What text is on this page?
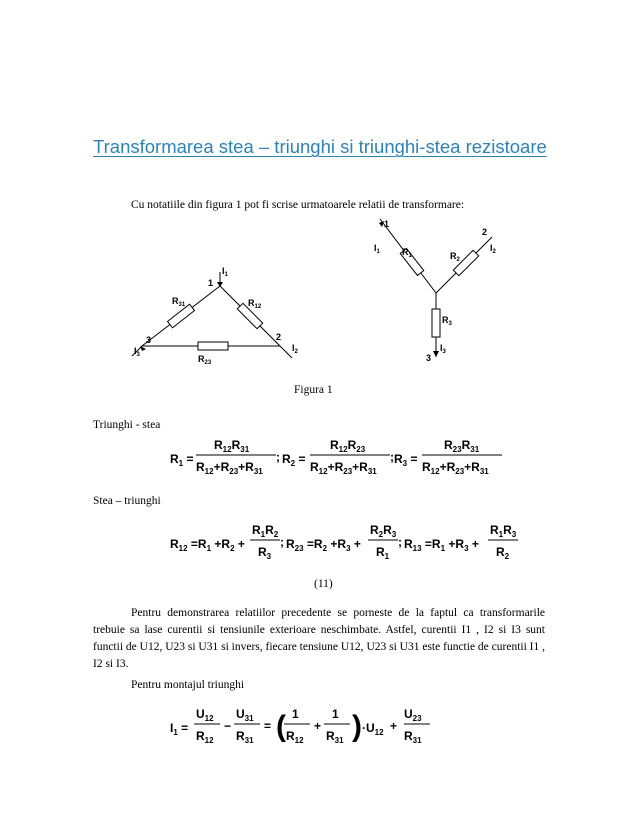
Transformarea stea – triunghi si triunghi-stea rezistoare
Cu notatiile din figura 1 pot fi scrise urmatoarele relatii de transformare:
$I_1$
1
$R_{31}$	$R_{12}$
2
$I_2$
3
$I_3$	$R_{23}$
1
$I_1$ $R_1$	$R_2$
2
$I_2$
$R_3$
$I_3$
3
Figura 1
Triunghi - stea
$R_1$ =
$R_{12}R_{31}$
$R_{12}+R_{23}+R_{31}$
; $R_2$ =
$R_{12}R_{23}$
$R_{12}+R_{23}+R_{31}$
; $R_3$ =
$R_{23}R_{31}$
$R_{12}+R_{23}+R_{31}$
Stea – triunghi
$R_{12} =R_1 +R_2$ +
$R_1R_2$
$R_3$
; $R_{23} =R_2 +R_3$ +
$R_2R_3$
$R_1$
; $R_{13} =R_1 +R_3$ +
$R_1R_3$
$R_2$
(11)
Pentru demonstrarea relatiilor precedente se porneste de la faptul ca transformarile trebuie sa lase curentii si tensiunile exterioare neschimbate. Astfel, curentii I1 , I2 si I3 sunt functii de U12, U23 si U31 si invers, fiecare tensiune U12, U23 si U31 este functie de curentii I1 , I2 si I3.
Pentru montajul triunghi
$I_1$ =
$U_{12}$
$R_{12}$
−
$U_{31}$
$R_{31}$
= ( 1
$R_{12}$
+
1
$R_{31}$ ) $\cdot U_{12}$ +
$U_{23}$
$R_{31}$
